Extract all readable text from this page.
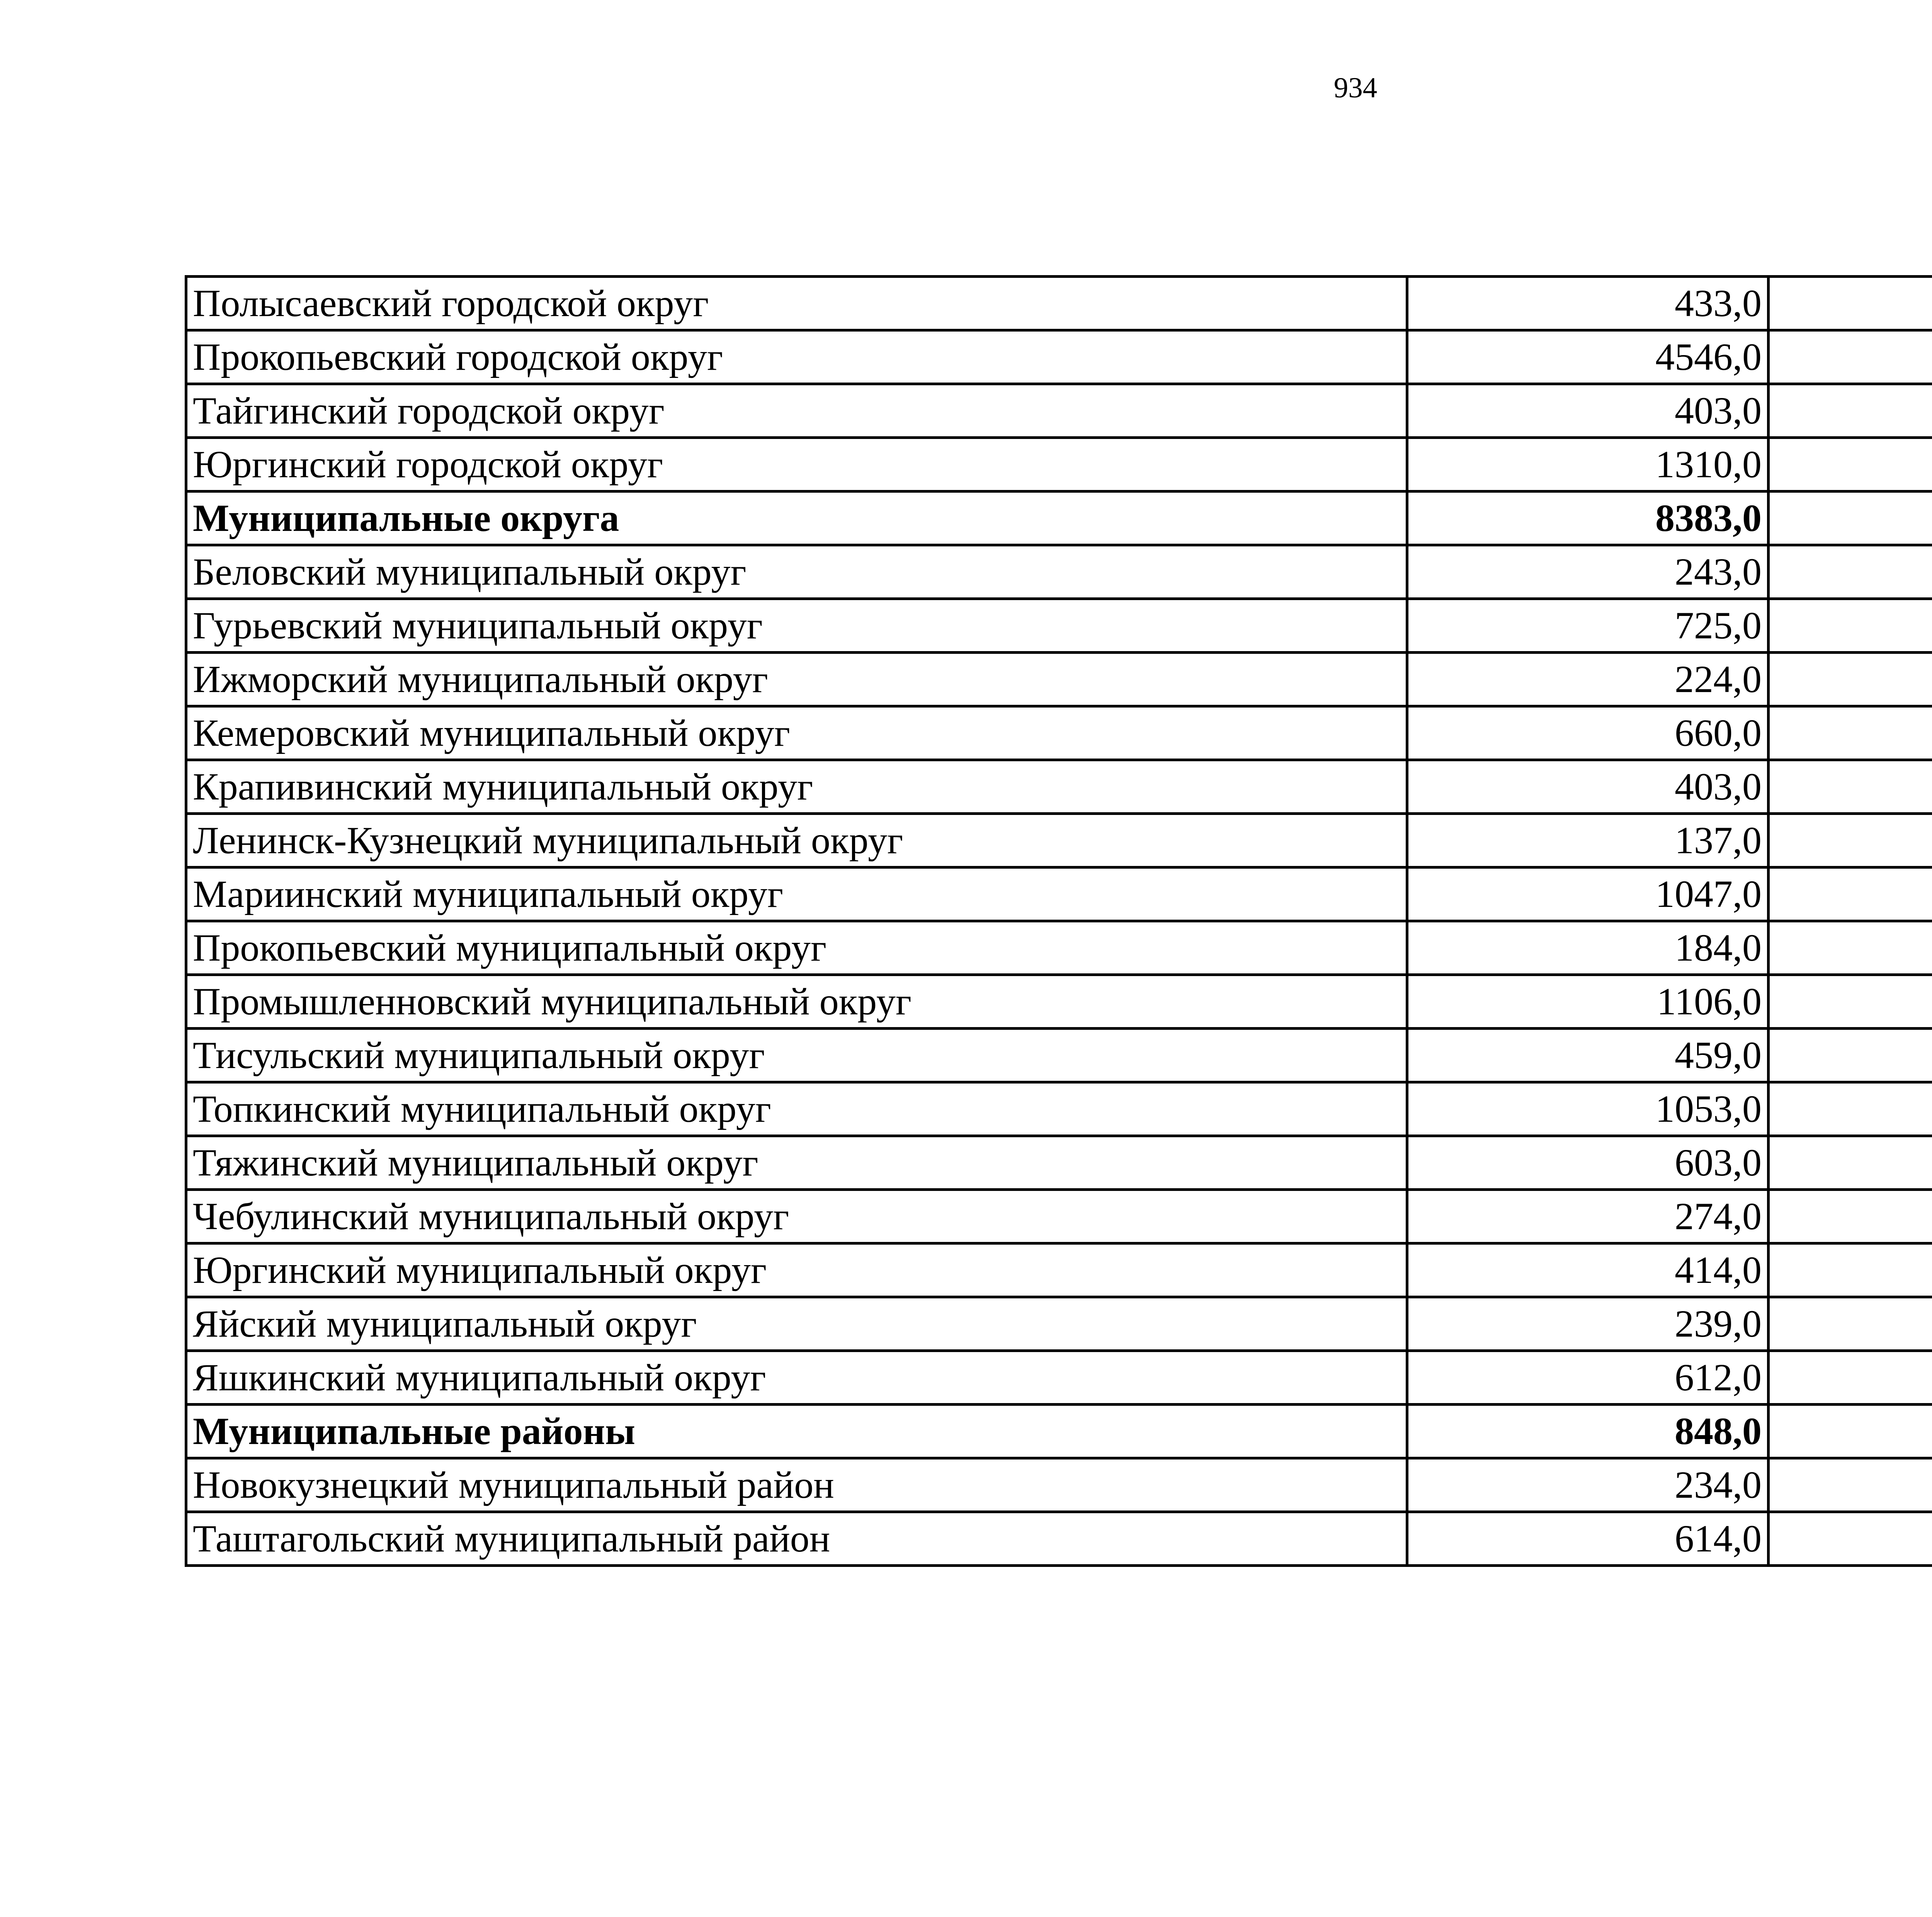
934
Полысаевский городской округ	433,0		
Прокопьевский городской округ	4546,0		
Тайгинский городской округ	403,0		
Юргинский городской округ	1310,0		
Муниципальные округа	8383,0		
Беловский муниципальный округ	243,0		
Гурьевский муниципальный округ	725,0		
Ижморский муниципальный округ	224,0		
Кемеровский муниципальный округ	660,0		
Крапивинский муниципальный округ	403,0		
Ленинск-Кузнецкий муниципальный округ	137,0		
Мариинский муниципальный округ	1047,0		
Прокопьевский муниципальный округ	184,0		
Промышленновский муниципальный округ	1106,0		
Тисульский муниципальный округ	459,0		
Топкинский муниципальный округ	1053,0		
Тяжинский муниципальный округ	603,0		
Чебулинский муниципальный округ	274,0		
Юргинский муниципальный округ	414,0		
Яйский муниципальный округ	239,0		
Яшкинский муниципальный округ	612,0		
Муниципальные районы	848,0		
Новокузнецкий муниципальный район	234,0		
Таштагольский муниципальный район	614,0		
